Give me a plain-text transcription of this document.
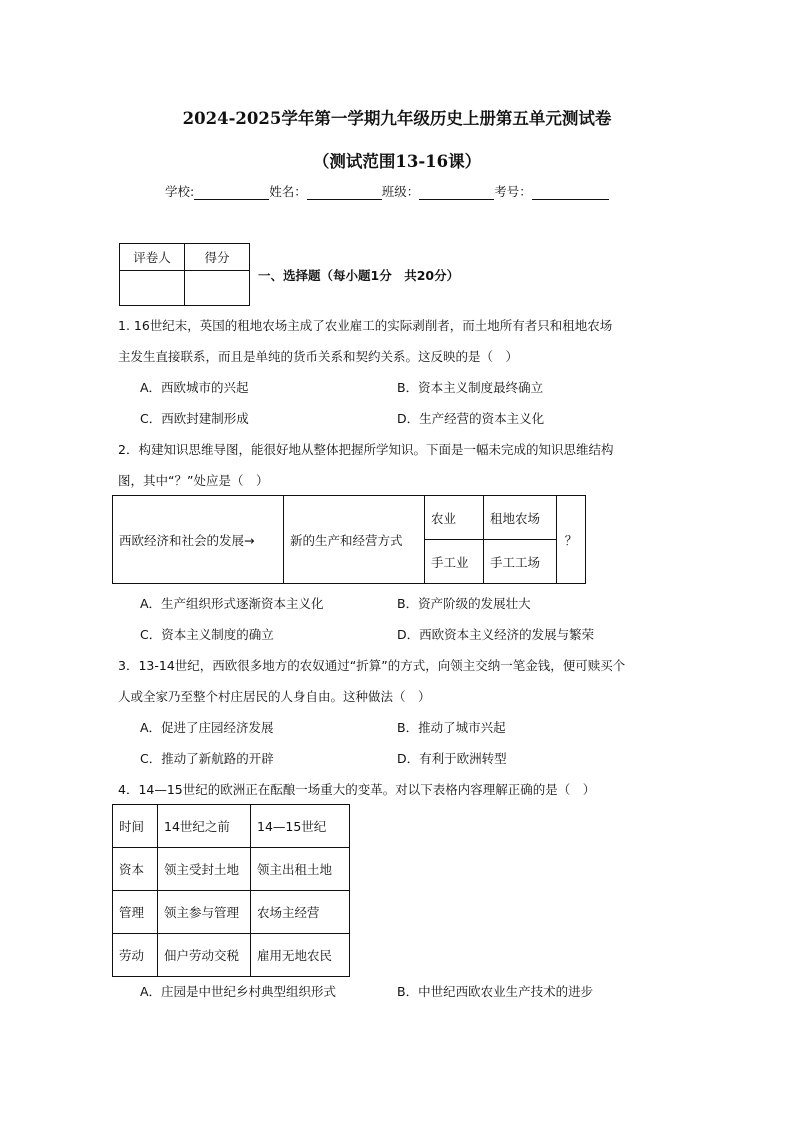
2024-2025学年第一学期九年级历史上册第五单元测试卷
（测试范围13-16课）
学校:	姓名：	班级：	考号：
评卷人	得分

一、选择题（每小题1分　共20分）
1. 16世纪末，英国的租地农场主成了农业雇工的实际剥削者，而土地所有者只和租地农场
主发生直接联系，而且是单纯的货币关系和契约关系。这反映的是（　）
A．西欧城市的兴起	B．资本主义制度最终确立
C．西欧封建制形成	D．生产经营的资本主义化
2．构建知识思维导图，能很好地从整体把握所学知识。下面是一幅未完成的知识思维结构
图，其中“？”处应是（　）
西欧经济和社会的发展→	新的生产和经营方式	农业	租地农场	？
		手工业	手工工场	
A．生产组织形式逐渐资本主义化	B．资产阶级的发展壮大
C．资本主义制度的确立	D．西欧资本主义经济的发展与繁荣
3．13-14世纪，西欧很多地方的农奴通过“折算”的方式，向领主交纳一笔金钱，便可赎买个
人或全家乃至整个村庄居民的人身自由。这种做法（　）
A．促进了庄园经济发展	B．推动了城市兴起
C．推动了新航路的开辟	D．有利于欧洲转型
4．14—15世纪的欧洲正在酝酿一场重大的变革。对以下表格内容理解正确的是（　）
时间	14世纪之前	14—15世纪
资本	领主受封土地	领主出租土地
管理	领主参与管理	农场主经营
劳动	佃户劳动交税	雇用无地农民
A．庄园是中世纪乡村典型组织形式	B．中世纪西欧农业生产技术的进步
